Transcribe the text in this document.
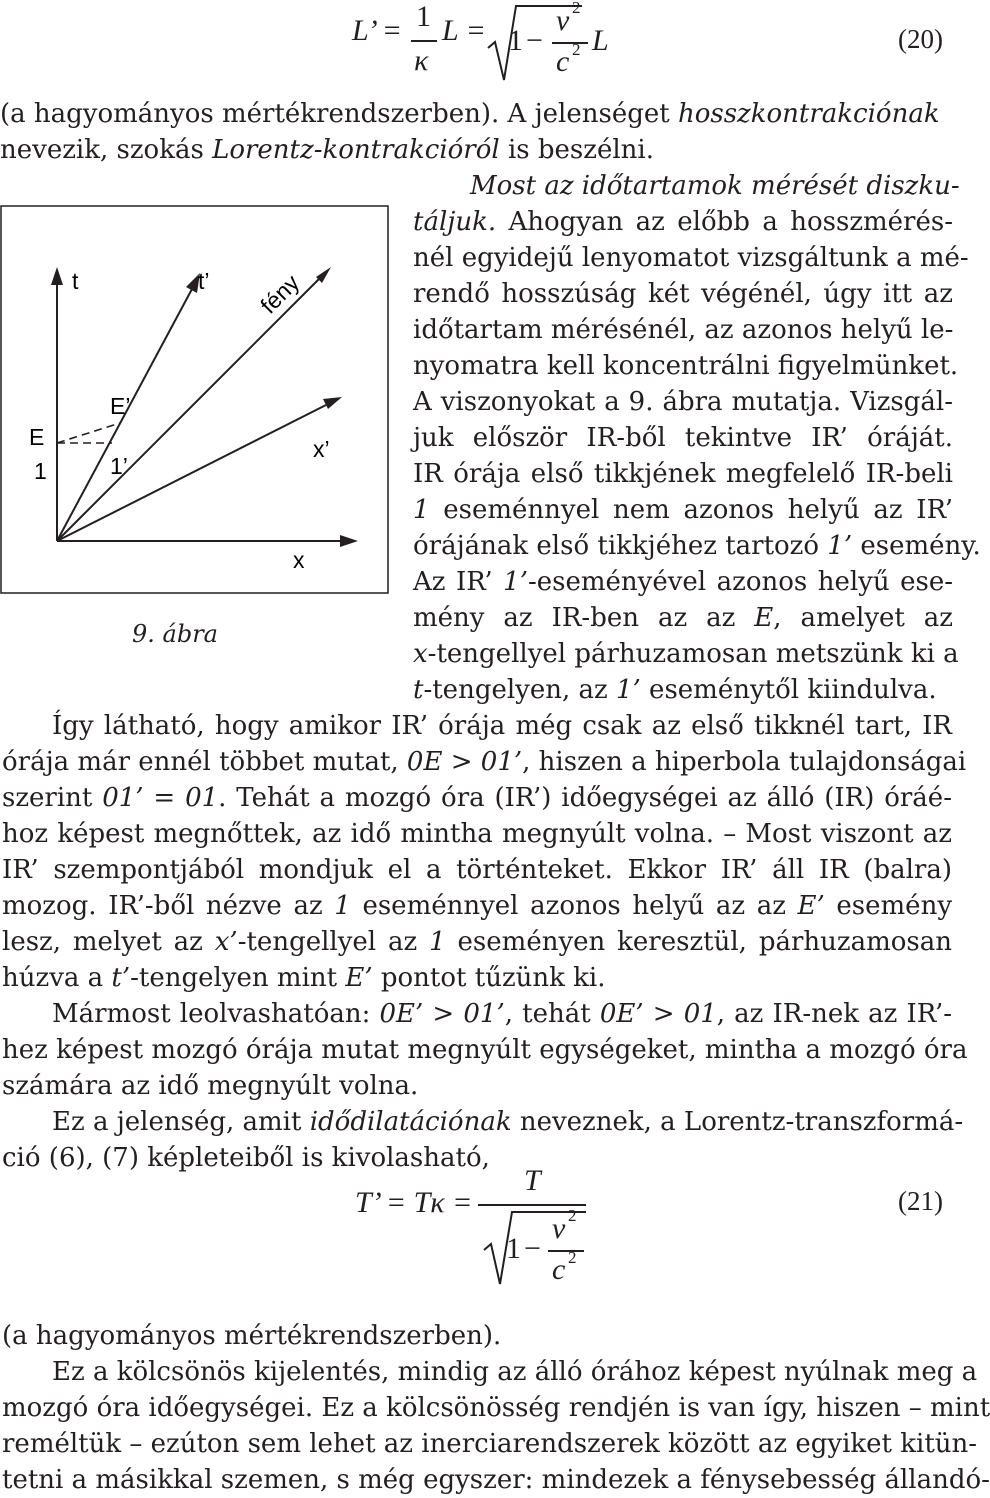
L’ = 1
κ
L = 1 −
v 2
c 2 L	(20)
(a hagyományos mértékrendszerben). A jelenséget hosszkontrakciónak
nevezik, szokás Lorentz-kontrakcióról is beszélni.
t	t’ fény
E’
E
1	1’
x’
x
9. ábra
Most az időtartamok mérését diszku-
táljuk. Ahogyan az előbb a hosszmérés-
nél egyidejű lenyomatot vizsgáltunk a mé-
rendő hosszúság két végénél, úgy itt az
időtartam mérésénél, az azonos helyű le-
nyomatra kell koncentrálni figyelmünket.
A viszonyokat a 9. ábra mutatja. Vizsgál-
juk először IR-ből tekintve IR’ óráját.
IR órája első tikkjének megfelelő IR-beli
1 eseménnyel nem azonos helyű az IR’
órájának első tikkjéhez tartozó 1’ esemény.
Az IR’ 1’-eseményével azonos helyű ese-
mény az IR-ben az az E, amelyet az
x-tengellyel párhuzamosan metszünk ki a
t-tengelyen, az 1’ eseménytől kiindulva.
Így látható, hogy amikor IR’ órája még csak az első tikknél tart, IR
órája már ennél többet mutat, 0E > 01’, hiszen a hiperbola tulajdonságai
szerint 01’ = 01. Tehát a mozgó óra (IR’) időegységei az álló (IR) óráé-
hoz képest megnőttek, az idő mintha megnyúlt volna. – Most viszont az
IR’ szempontjából mondjuk el a történteket. Ekkor IR’ áll IR (balra)
mozog. IR’-ből nézve az 1 eseménnyel azonos helyű az az E’ esemény
lesz, melyet az x’-tengellyel az 1 eseményen keresztül, párhuzamosan
húzva a t’-tengelyen mint E’ pontot tűzünk ki.
Mármost leolvashatóan: 0E’ > 01’, tehát 0E’ > 01, az IR-nek az IR’-
hez képest mozgó órája mutat megnyúlt egységeket, mintha a mozgó óra
számára az idő megnyúlt volna.
Ez a jelenség, amit idődilatációnak neveznek, a Lorentz-transzformá-
ció (6), (7) képleteiből is kivolasható,
T’ = Tκ =
T
1 −
v 2
c 2
(21)
(a hagyományos mértékrendszerben).
Ez a kölcsönös kijelentés, mindig az álló órához képest nyúlnak meg a
mozgó óra időegységei. Ez a kölcsönösség rendjén is van így, hiszen – mint
reméltük – ezúton sem lehet az inerciarendszerek között az egyiket kitün-
tetni a másikkal szemen, s még egyszer: mindezek a fénysebesség állandó-
